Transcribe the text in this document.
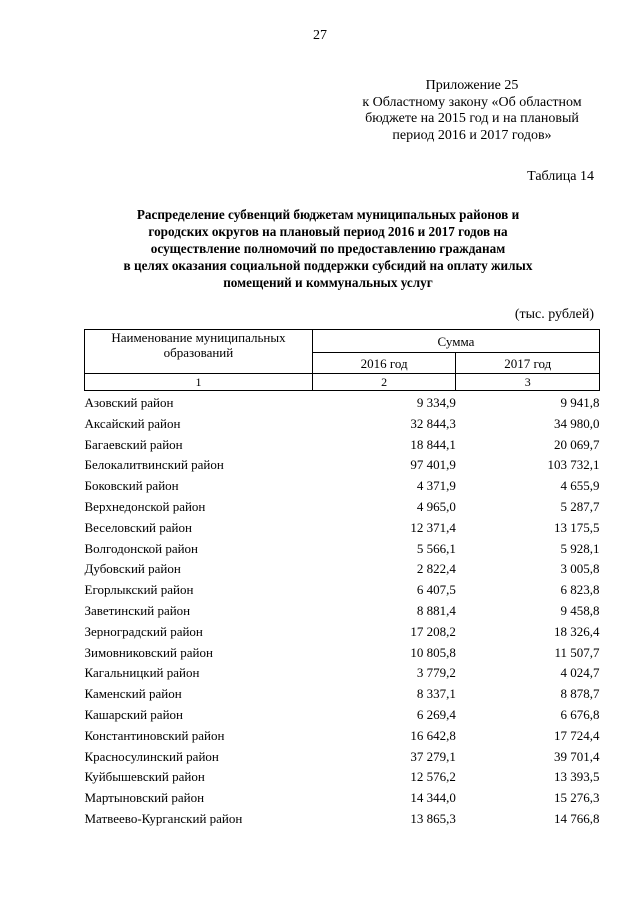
27
Приложение 25
к Областному закону «Об областном
бюджете на 2015 год и на плановый
период 2016 и 2017 годов»
Таблица 14
Распределение субвенций бюджетам муниципальных районов и
городских округов на плановый период 2016 и 2017 годов на
осуществление полномочий по предоставлению гражданам
в целях оказания социальной поддержки субсидий на оплату жилых
помещений и коммунальных услуг
(тыс. рублей)
Наименование муниципальных образований	Сумма	
	2016 год	2017 год
1	2	3
Азовский район	9 334,9	9 941,8
Аксайский район	32 844,3	34 980,0
Багаевский район	18 844,1	20 069,7
Белокалитвинский район	97 401,9	103 732,1
Боковский район	4 371,9	4 655,9
Верхнедонской район	4 965,0	5 287,7
Веселовский район	12 371,4	13 175,5
Волгодонской район	5 566,1	5 928,1
Дубовский район	2 822,4	3 005,8
Егорлыкский район	6 407,5	6 823,8
Заветинский район	8 881,4	9 458,8
Зерноградский район	17 208,2	18 326,4
Зимовниковский район	10 805,8	11 507,7
Кагальницкий район	3 779,2	4 024,7
Каменский район	8 337,1	8 878,7
Кашарский район	6 269,4	6 676,8
Константиновский район	16 642,8	17 724,4
Красносулинский район	37 279,1	39 701,4
Куйбышевский район	12 576,2	13 393,5
Мартыновский район	14 344,0	15 276,3
Матвеево-Курганский район	13 865,3	14 766,8
